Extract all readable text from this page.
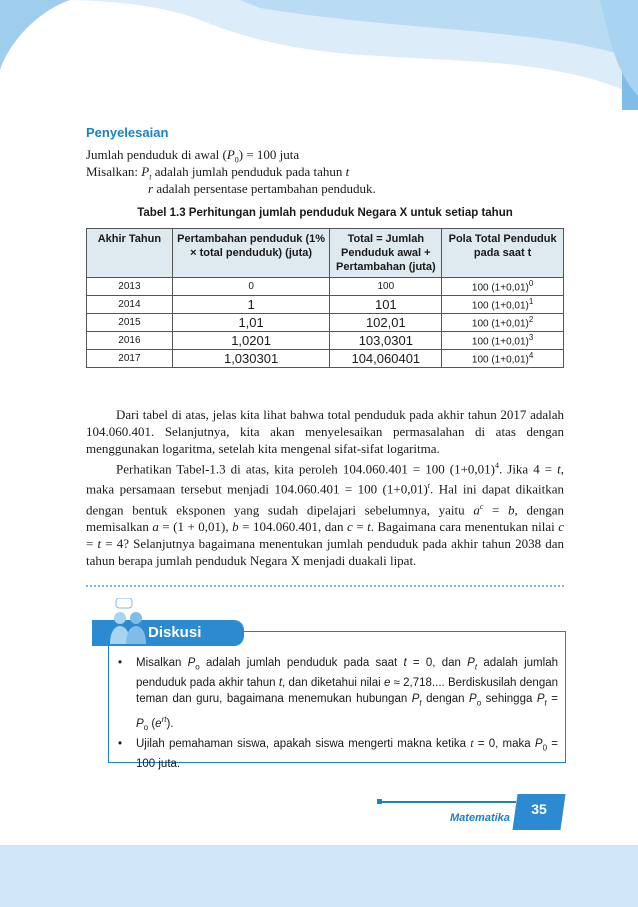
Penyelesaian
Jumlah penduduk di awal $(P_0) = 100$ juta
Misalkan: $P_t$ adalah jumlah penduduk pada tahun t
r adalah persentase pertambahan penduduk.
Tabel 1.3 Perhitungan jumlah penduduk Negara X untuk setiap tahun
Akhir Tahun	Pertambahan penduduk (1% × total penduduk) (juta)	Total = Jumlah Penduduk awal + Pertambahan (juta)	Pola Total Penduduk pada saat t
2013	0	100	100 $(1+0,01)^0$
2014	1	101	100 $(1+0,01)^1$
2015	1,01	102,01	100 $(1+0,01)^2$
2016	1,0201	103,0301	100 $(1+0,01)^3$
2017	1,030301	104,060401	100 $(1+0,01)^4$
Dari tabel di atas, jelas kita lihat bahwa total penduduk pada akhir tahun 2017 adalah 104.060.401. Selanjutnya, kita akan menyelesaikan permasalahan di atas dengan menggunakan logaritma, setelah kita mengenal sifat-sifat logaritma.
Perhatikan Tabel-1.3 di atas, kita peroleh 104.060.401 = 100 $(1+0,01)^4$. Jika 4 = t, maka persamaan tersebut menjadi 104.060.401 = 100 $(1+0,01)^t$. Hal ini dapat dikaitkan dengan bentuk eksponen yang sudah dipelajari sebelumnya, yaitu $a^c = b$, dengan memisalkan a = (1 + 0,01), b = 104.060.401, dan c = t. Bagaimana cara menentukan nilai c = t = 4? Selanjutnya bagaimana menentukan jumlah penduduk pada akhir tahun 2038 dan tahun berapa jumlah penduduk Negara X menjadi duakali lipat.
Diskusi
• Misalkan $P_o$ adalah jumlah penduduk pada saat t = 0, dan $P_t$ adalah jumlah penduduk pada akhir tahun t, dan diketahui nilai e ≈ 2,718.... Berdiskusilah dengan teman dan guru, bagaimana menemukan hubungan $P_t$ dengan $P_o$ sehingga $P_t = P_o$ $(e^{rt})$.
• Ujilah pemahaman siswa, apakah siswa mengerti makna ketika t = 0, maka $P_0 = 100$ juta.
Matematika
35
